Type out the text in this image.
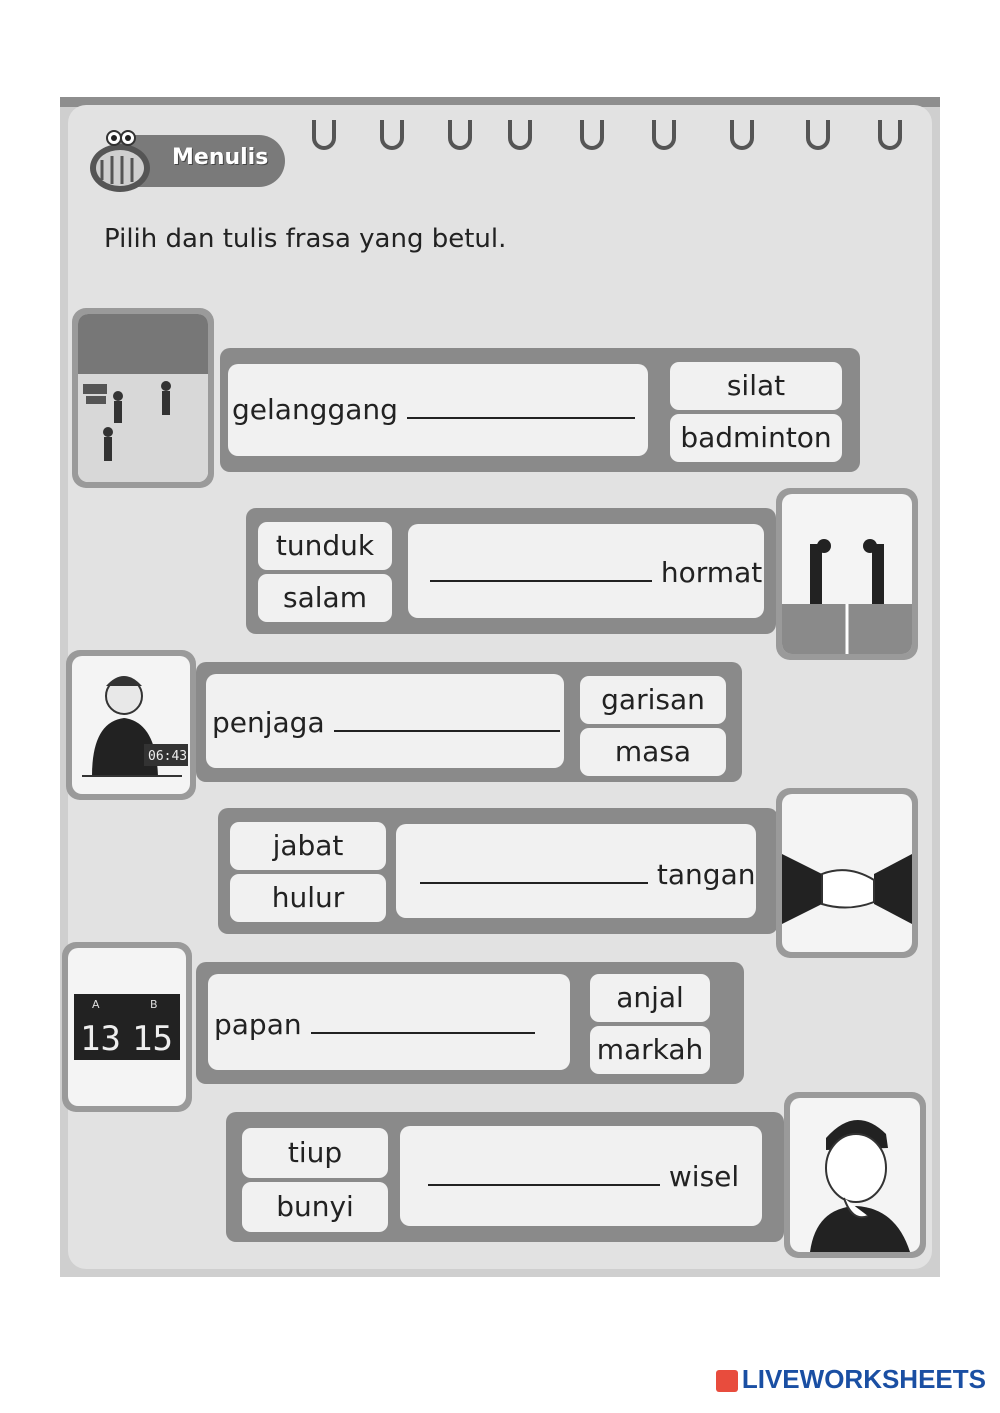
Menulis
Pilih dan tulis frasa yang betul.
gelanggang
silat
badminton
tunduk
salam
hormat
06:43
penjaga
garisan
masa
jabat
hulur
tangan
A	B
13 15 papan
anjal
markah
tiup
bunyi
wisel
LIVEWORKSHEETS
